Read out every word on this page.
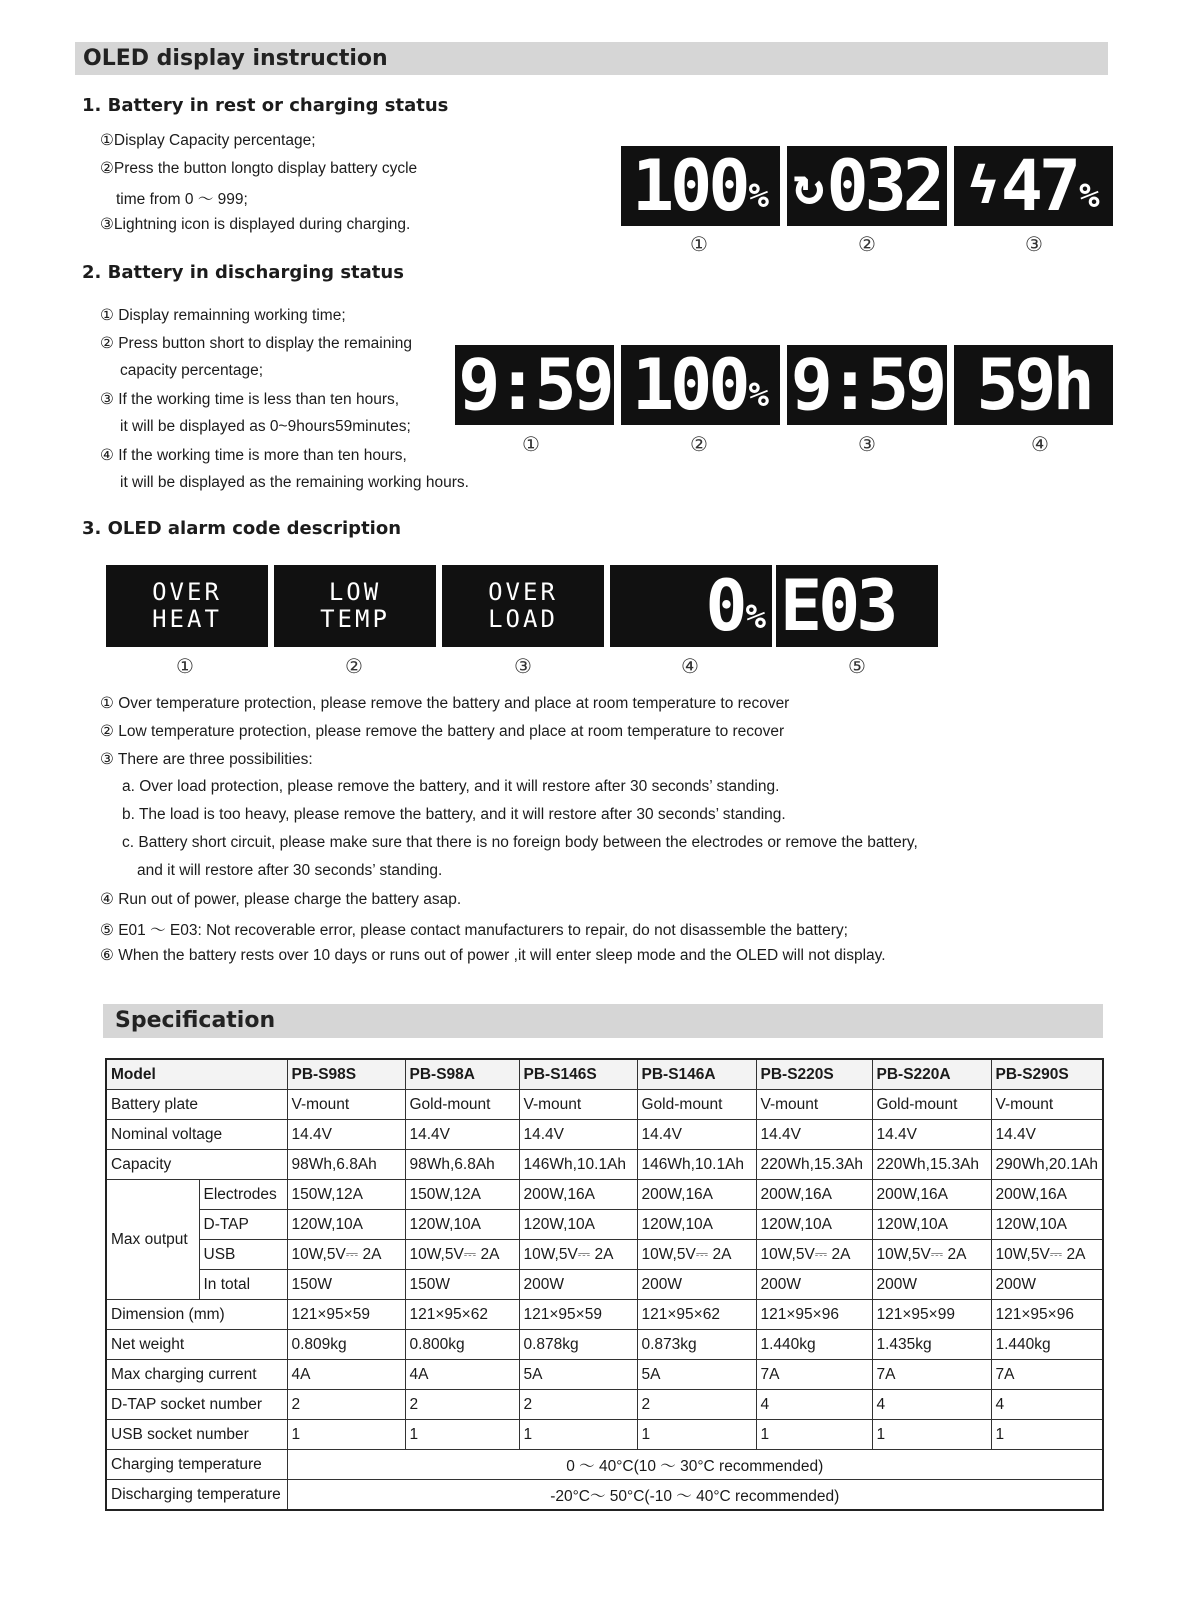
OLED display instruction
1. Battery in rest or charging status
①Display Capacity percentage;
②Press the button longto display battery cycle
time from 0 ～ 999;
③Lightning icon is displayed during charging.	100 % ↻ 032 ϟ 47 %
①	②	③
2. Battery in discharging status
① Display remainning working time;
② Press button short to display the remaining
capacity percentage;
③ If the working time is less than ten hours,
it will be displayed as 0~9hours59minutes;
④ If the working time is more than ten hours,
it will be displayed as the remaining working hours.
9:59 100 % 9:59 59h
①	②	③	④
3. OLED alarm code description
OVER
HEAT
LOW
TEMP
OVER
LOAD 0 % E03
①	②	③	④	⑤
① Over temperature protection, please remove the battery and place at room temperature to recover
② Low temperature protection, please remove the battery and place at room temperature to recover
③ There are three possibilities:
a. Over load protection, please remove the battery, and it will restore after 30 seconds’ standing.
b. The load is too heavy, please remove the battery, and it will restore after 30 seconds’ standing.
c. Battery short circuit, please make sure that there is no foreign body between the electrodes or remove the battery,
and it will restore after 30 seconds’ standing.
④ Run out of power, please charge the battery asap.
⑤ E01 ～ E03: Not recoverable error, please contact manufacturers to repair, do not disassemble the battery;
⑥ When the battery rests over 10 days or runs out of power ,it will enter sleep mode and the OLED will not display.
Specification
Model		PB-S98S	PB-S98A	PB-S146S	PB-S146A	PB-S220S	PB-S220A	PB-S290S
Battery plate		V-mount	Gold-mount	V-mount	Gold-mount	V-mount	Gold-mount	V-mount
Nominal voltage		14.4V	14.4V	14.4V	14.4V	14.4V	14.4V	14.4V
Capacity		98Wh,6.8Ah	98Wh,6.8Ah	146Wh,10.1Ah	146Wh,10.1Ah	220Wh,15.3Ah	220Wh,15.3Ah	290Wh,20.1Ah
Max output	Electrodes	150W,12A	150W,12A	200W,16A	200W,16A	200W,16A	200W,16A	200W,16A
	D-TAP	120W,10A	120W,10A	120W,10A	120W,10A	120W,10A	120W,10A	120W,10A
	USB	10W,5V⎓ 2A	10W,5V⎓ 2A	10W,5V⎓ 2A	10W,5V⎓ 2A	10W,5V⎓ 2A	10W,5V⎓ 2A	10W,5V⎓ 2A
	In total	150W	150W	200W	200W	200W	200W	200W
Dimension (mm)		121×95×59	121×95×62	121×95×59	121×95×62	121×95×96	121×95×99	121×95×96
Net weight		0.809kg	0.800kg	0.878kg	0.873kg	1.440kg	1.435kg	1.440kg
Max charging current		4A	4A	5A	5A	7A	7A	7A
D-TAP socket number		2	2	2	2	4	4	4
USB socket number		1	1	1	1	1	1	1
Charging temperature		0 ～ 40°C(10 ～ 30°C recommended)						
Discharging temperature		-20°C～ 50°C(-10 ～ 40°C recommended)						
